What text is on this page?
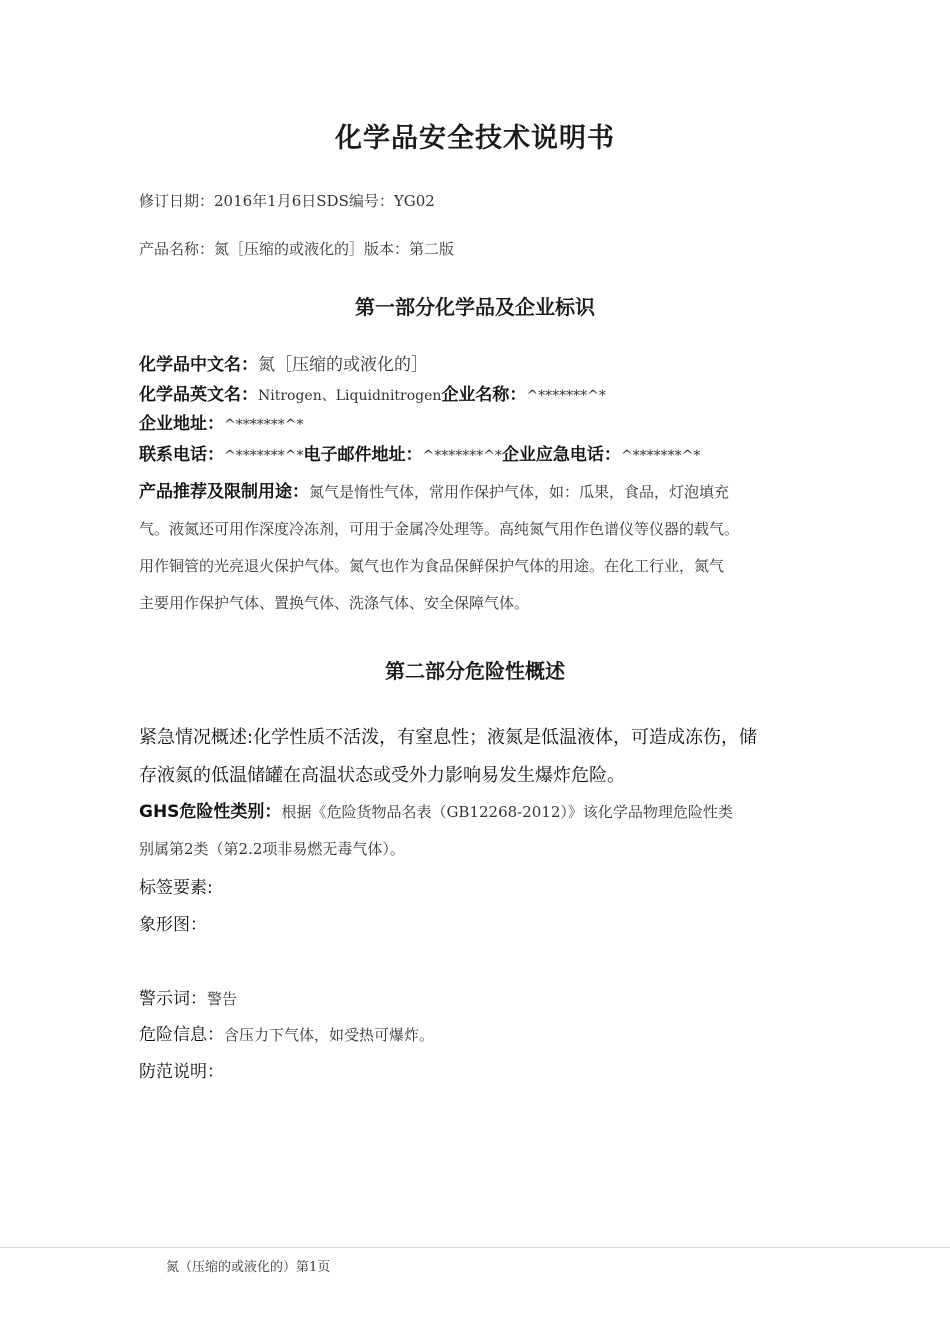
化学品安全技术说明书
修订日期：2016年1月6日SDS编号：YG02
产品名称：氮［压缩的或液化的］版本：第二版
第一部分化学品及企业标识
化学品中文名：氮［压缩的或液化的］
化学品英文名：Nitrogen、Liquidnitrogen企业名称：^*******^*
企业地址：^*******^*
联系电话：^*******^*电子邮件地址：^*******^*企业应急电话：^*******^*
产品推荐及限制用途：氮气是惰性气体，常用作保护气体，如：瓜果，食品，灯泡填充
气。液氮还可用作深度冷冻剂，可用于金属冷处理等。高纯氮气用作色谱仪等仪器的载气。
用作铜管的光亮退火保护气体。氮气也作为食品保鲜保护气体的用途。在化工行业，氮气
主要用作保护气体、置换气体、洗涤气体、安全保障气体。
第二部分危险性概述
紧急情况概述:化学性质不活泼，有窒息性；液氮是低温液体，可造成冻伤，储
存液氮的低温储罐在高温状态或受外力影响易发生爆炸危险。
GHS危险性类别：根据《危险货物品名表（GB12268-2012）》该化学品物理危险性类
别属第2类（第2.2项非易燃无毒气体）。
标签要素:
象形图：
警示词：警告
危险信息：含压力下气体，如受热可爆炸。
防范说明：
氮（压缩的或液化的）第1页
